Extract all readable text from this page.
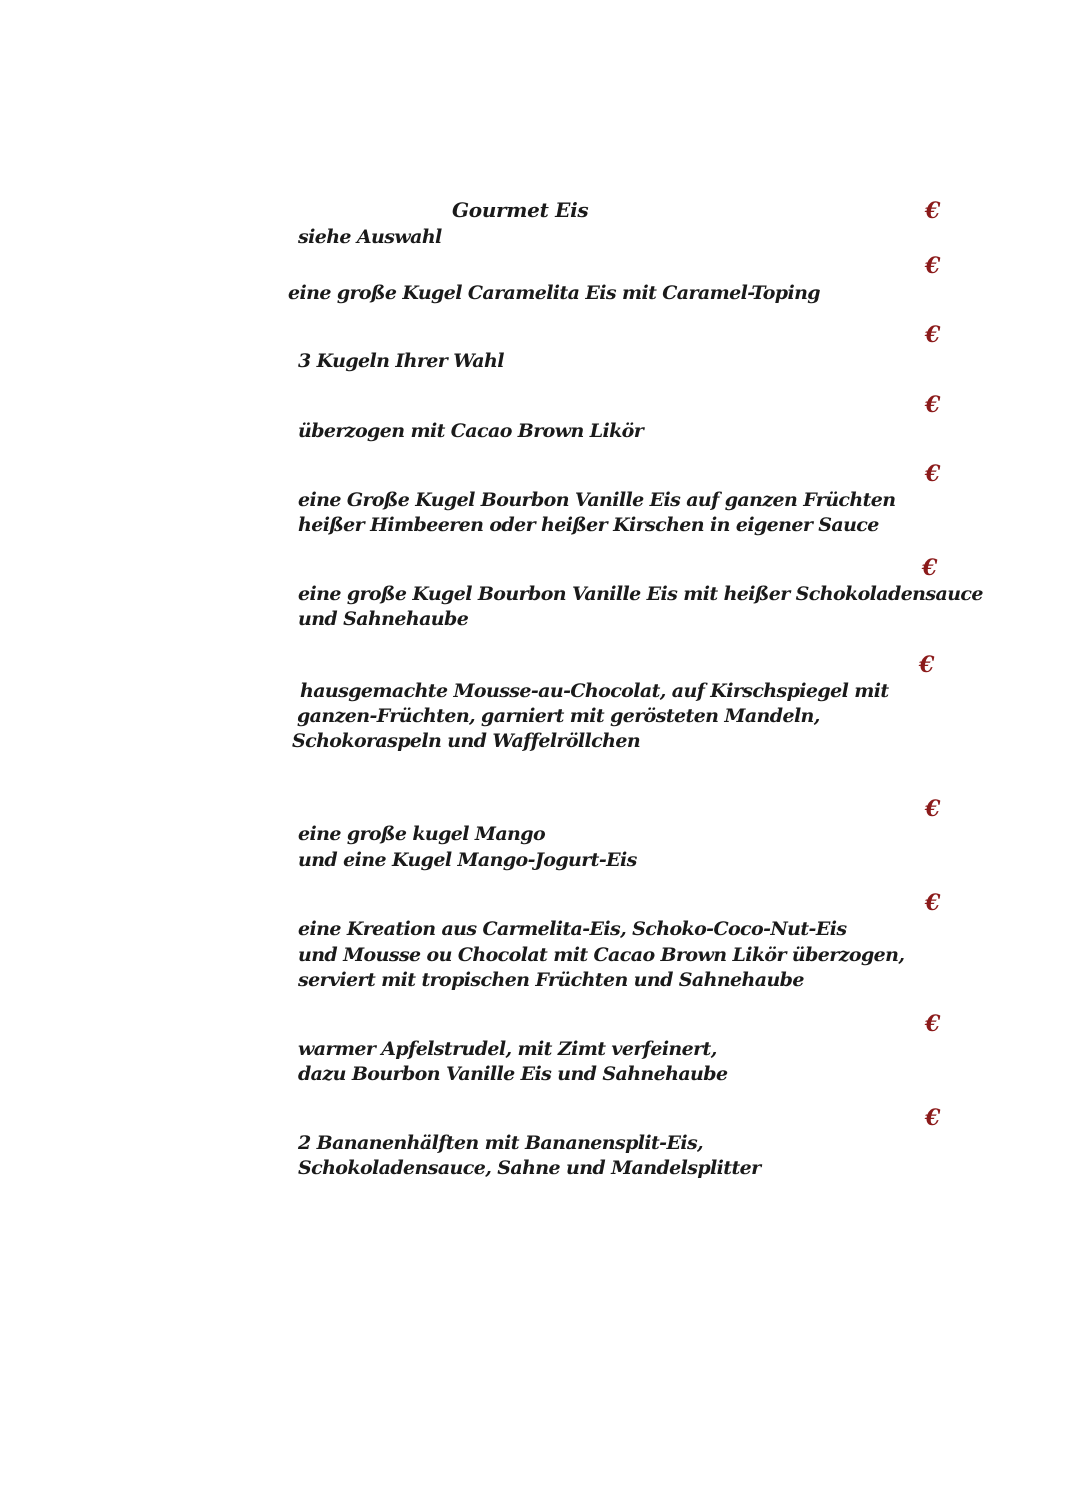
Gourmet Eis	€
€
€
€
€
€
€
€
€
€
€
siehe Auswahl
eine große Kugel Caramelita Eis mit Caramel-Toping
3 Kugeln Ihrer Wahl
überzogen mit Cacao Brown Likör
eine Große Kugel Bourbon Vanille Eis auf ganzen Früchten
heißer Himbeeren oder heißer Kirschen in eigener Sauce
eine große Kugel Bourbon Vanille Eis mit heißer Schokoladensauce
und Sahnehaube
hausgemachte Mousse-au-Chocolat, auf Kirschspiegel mit
ganzen-Früchten, garniert mit gerösteten Mandeln,
Schokoraspeln und Waffelröllchen
eine große kugel Mango
und eine Kugel Mango-Jogurt-Eis
eine Kreation aus Carmelita-Eis, Schoko-Coco-Nut-Eis
und Mousse ou Chocolat mit Cacao Brown Likör überzogen,
serviert mit tropischen Früchten und Sahnehaube
warmer Apfelstrudel, mit Zimt verfeinert,
dazu Bourbon Vanille Eis und Sahnehaube
2 Bananenhälften mit Bananensplit-Eis,
Schokoladensauce, Sahne und Mandelsplitter
